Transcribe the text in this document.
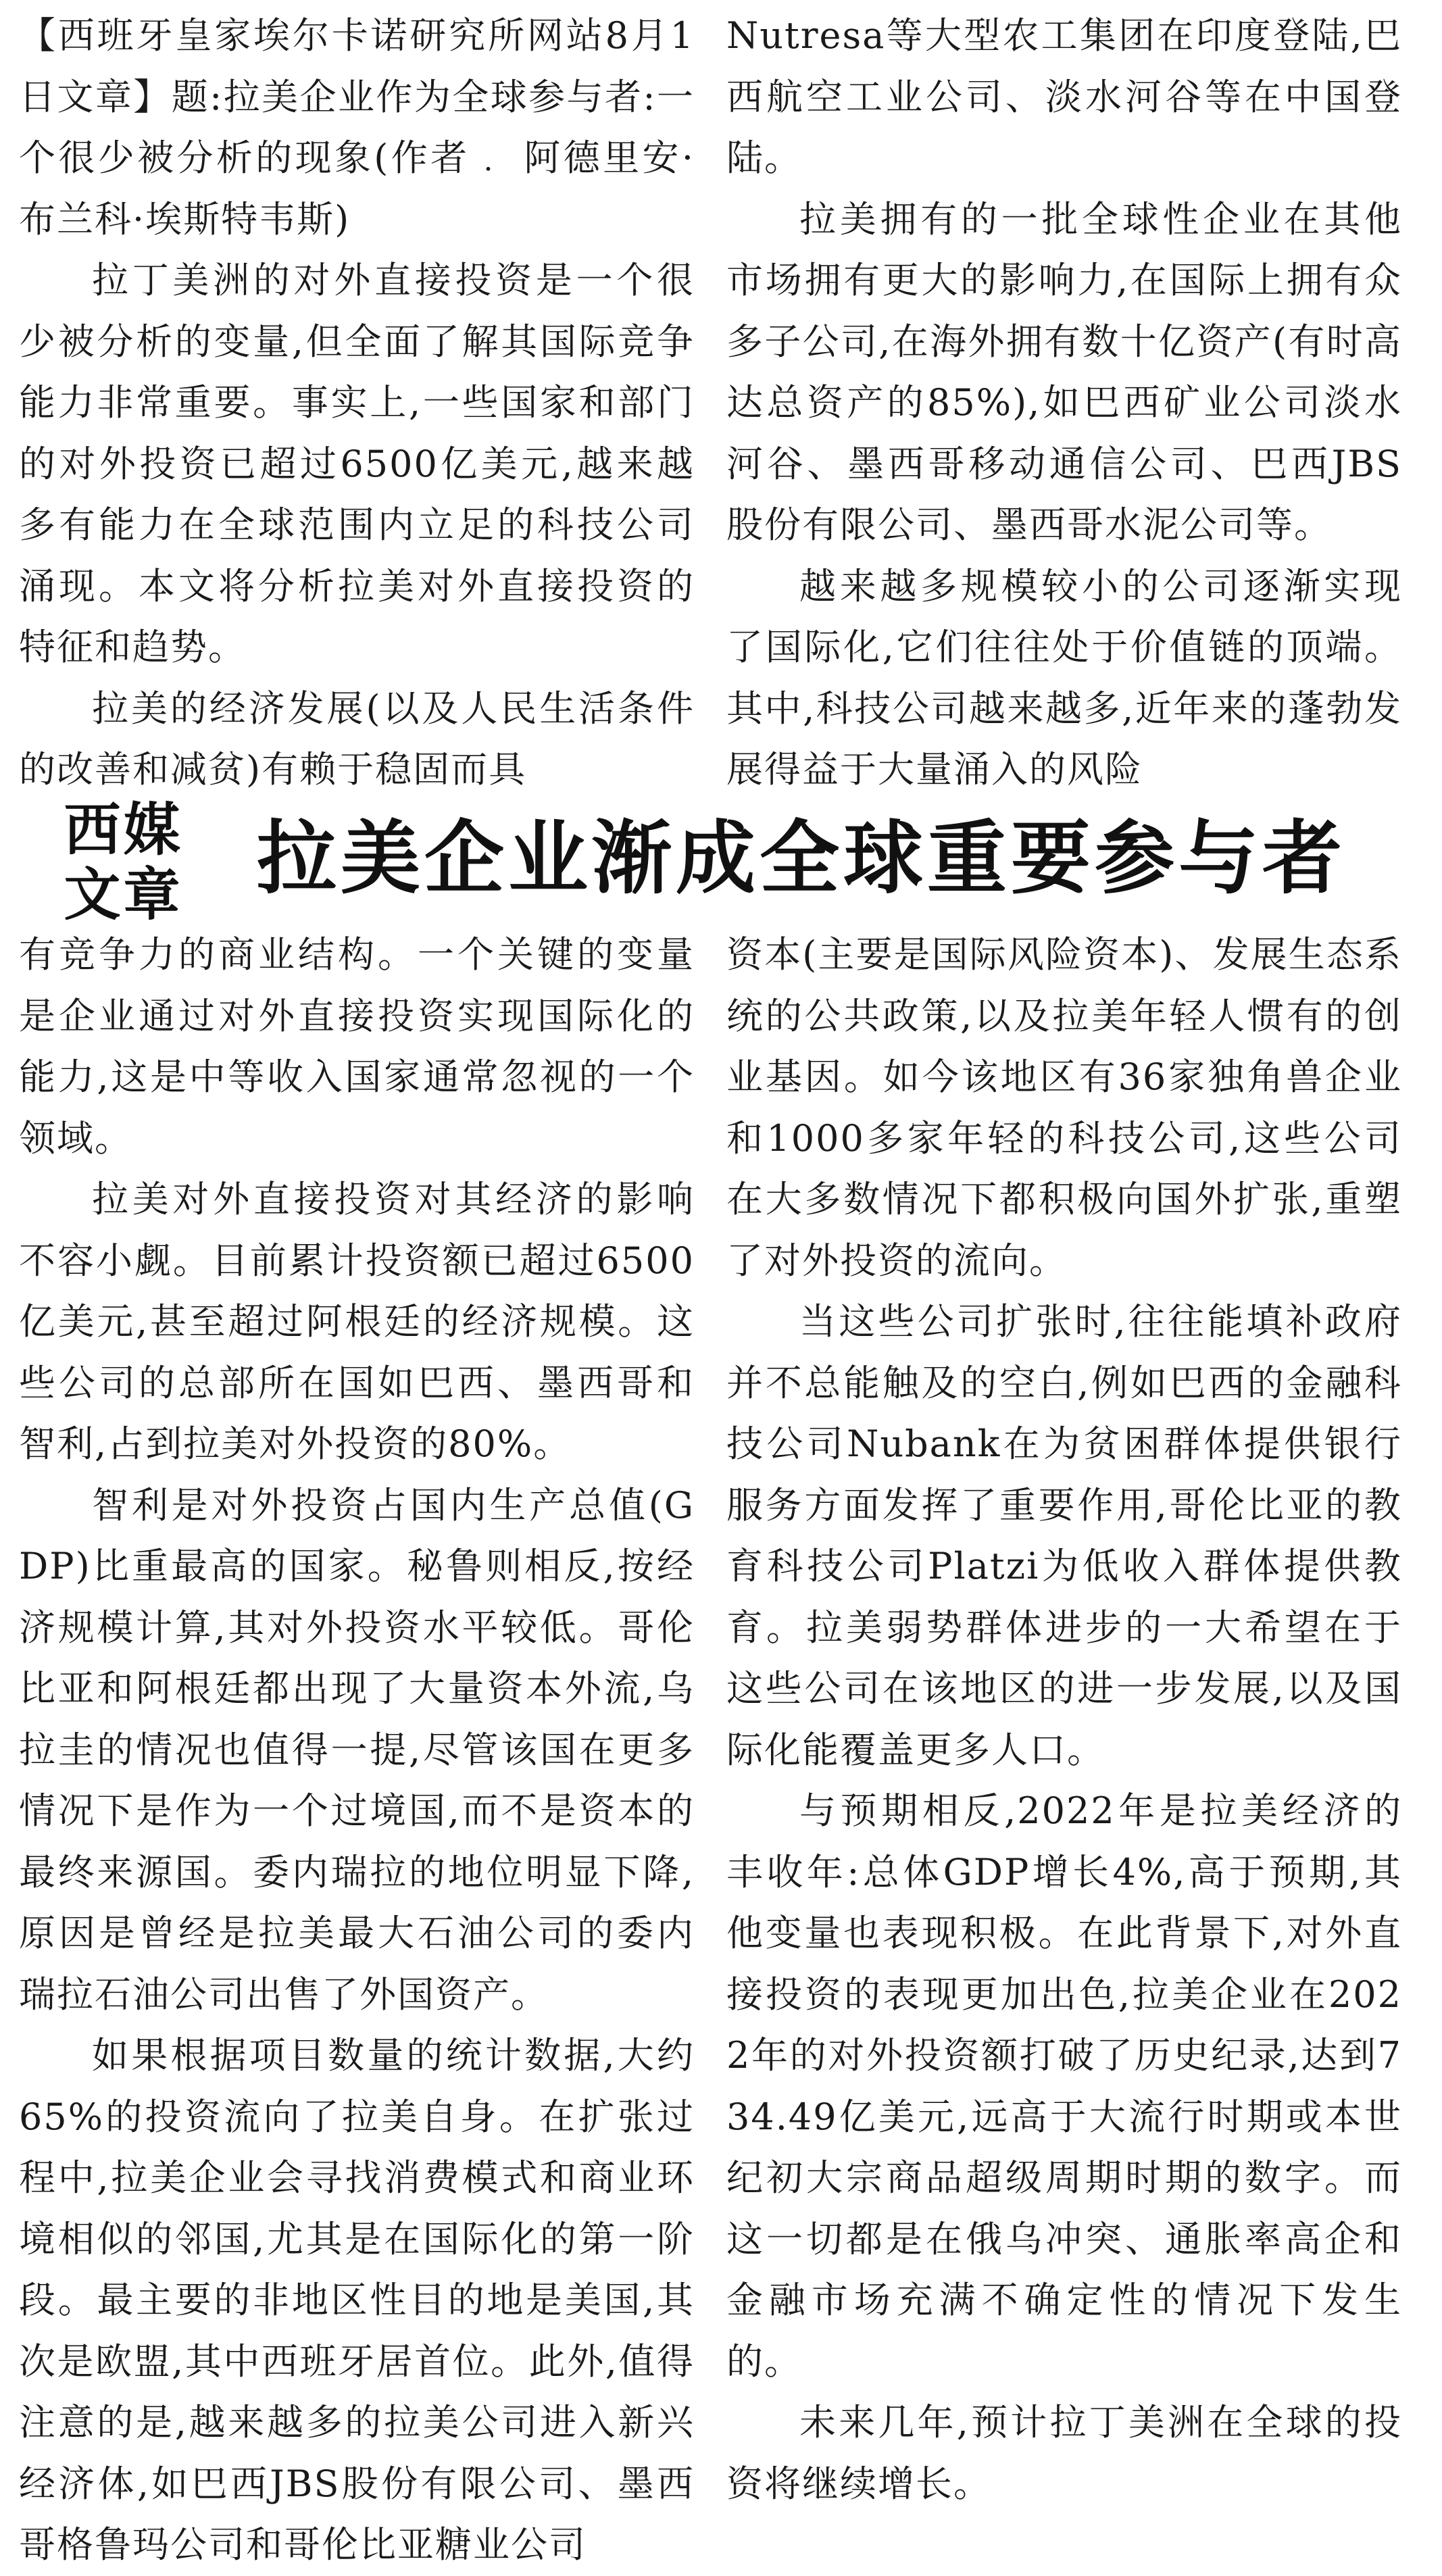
【西班牙皇家埃尔卡诺研究所网站8月1日文章】题:拉美企业作为全球参与者:一个很少被分析的现象(作者﹒ 阿德里安·布兰科·埃斯特韦斯)

拉丁美洲的对外直接投资是一个很少被分析的变量,但全面了解其国际竞争能力非常重要。事实上,一些国家和部门的对外投资已超过6500亿美元,越来越多有能力在全球范围内立足的科技公司涌现。本文将分析拉美对外直接投资的特征和趋势。

拉美的经济发展(以及人民生活条件的改善和减贫)有赖于稳固而具

Nutresa等大型农工集团在印度登陆,巴西航空工业公司、淡水河谷等在中国登陆。

拉美拥有的一批全球性企业在其他市场拥有更大的影响力,在国际上拥有众多子公司,在海外拥有数十亿资产(有时高达总资产的85%),如巴西矿业公司淡水河谷、墨西哥移动通信公司、巴西JBS股份有限公司、墨西哥水泥公司等。

越来越多规模较小的公司逐渐实现了国际化,它们往往处于价值链的顶端。其中,科技公司越来越多,近年来的蓬勃发展得益于大量涌入的风险

西媒
文章 拉美企业渐成全球重要参与者

有竞争力的商业结构。一个关键的变量是企业通过对外直接投资实现国际化的能力,这是中等收入国家通常忽视的一个领域。

拉美对外直接投资对其经济的影响不容小觑。目前累计投资额已超过6500亿美元,甚至超过阿根廷的经济规模。这些公司的总部所在国如巴西、墨西哥和智利,占到拉美对外投资的80%。

智利是对外投资占国内生产总值(GDP)比重最高的国家。秘鲁则相反,按经济规模计算,其对外投资水平较低。哥伦比亚和阿根廷都出现了大量资本外流,乌拉圭的情况也值得一提,尽管该国在更多情况下是作为一个过境国,而不是资本的最终来源国。委内瑞拉的地位明显下降,原因是曾经是拉美最大石油公司的委内瑞拉石油公司出售了外国资产。

如果根据项目数量的统计数据,大约65%的投资流向了拉美自身。在扩张过程中,拉美企业会寻找消费模式和商业环境相似的邻国,尤其是在国际化的第一阶段。最主要的非地区性目的地是美国,其次是欧盟,其中西班牙居首位。此外,值得注意的是,越来越多的拉美公司进入新兴经济体,如巴西JBS股份有限公司、墨西哥格鲁玛公司和哥伦比亚糖业公司

资本(主要是国际风险资本)、发展生态系统的公共政策,以及拉美年轻人惯有的创业基因。如今该地区有36家独角兽企业和1000多家年轻的科技公司,这些公司在大多数情况下都积极向国外扩张,重塑了对外投资的流向。

当这些公司扩张时,往往能填补政府并不总能触及的空白,例如巴西的金融科技公司Nubank在为贫困群体提供银行服务方面发挥了重要作用,哥伦比亚的教育科技公司Platzi为低收入群体提供教育。拉美弱势群体进步的一大希望在于这些公司在该地区的进一步发展,以及国际化能覆盖更多人口。

与预期相反,2022年是拉美经济的丰收年:总体GDP增长4%,高于预期,其他变量也表现积极。在此背景下,对外直接投资的表现更加出色,拉美企业在2022年的对外投资额打破了历史纪录,达到734.49亿美元,远高于大流行时期或本世纪初大宗商品超级周期时期的数字。而这一切都是在俄乌冲突、通胀率高企和金融市场充满不确定性的情况下发生的。

未来几年,预计拉丁美洲在全球的投资将继续增长。
